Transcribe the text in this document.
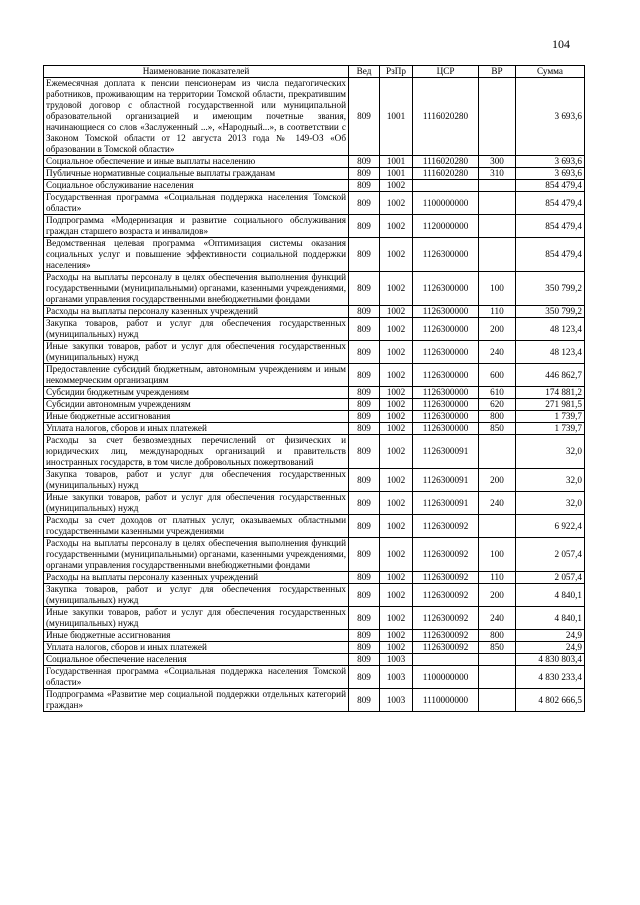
104
Наименование показателей	Вед	РзПр	ЦСР	ВР	Сумма
Ежемесячная доплата к пенсии пенсионерам из числа педагогических работников, проживающим на территории Томской области, прекратившим трудовой договор с областной государственной или муниципальной образовательной организацией и имеющим почетные звания, начинающиеся со слов «Заслуженный ...», «Народный...», в соответствии с Законом Томской области от 12 августа 2013 года № 149-ОЗ «Об образовании в Томской области»	809	1001	1116020280		3 693,6
Социальное обеспечение и иные выплаты населению	809	1001	1116020280	300	3 693,6
Публичные нормативные социальные выплаты гражданам	809	1001	1116020280	310	3 693,6
Социальное обслуживание населения	809	1002			854 479,4
Государственная программа «Социальная поддержка населения Томской области»	809	1002	1100000000		854 479,4
Подпрограмма «Модернизация и развитие социального обслуживания граждан старшего возраста и инвалидов»	809	1002	1120000000		854 479,4
Ведомственная целевая программа «Оптимизация системы оказания социальных услуг и повышение эффективности социальной поддержки населения»	809	1002	1126300000		854 479,4
Расходы на выплаты персоналу в целях обеспечения выполнения функций государственными (муниципальными) органами, казенными учреждениями, органами управления государственными внебюджетными фондами	809	1002	1126300000	100	350 799,2
Расходы на выплаты персоналу казенных учреждений	809	1002	1126300000	110	350 799,2
Закупка товаров, работ и услуг для обеспечения государственных (муниципальных) нужд	809	1002	1126300000	200	48 123,4
Иные закупки товаров, работ и услуг для обеспечения государственных (муниципальных) нужд	809	1002	1126300000	240	48 123,4
Предоставление субсидий бюджетным, автономным учреждениям и иным некоммерческим организациям	809	1002	1126300000	600	446 862,7
Субсидии бюджетным учреждениям	809	1002	1126300000	610	174 881,2
Субсидии автономным учреждениям	809	1002	1126300000	620	271 981,5
Иные бюджетные ассигнования	809	1002	1126300000	800	1 739,7
Уплата налогов, сборов и иных платежей	809	1002	1126300000	850	1 739,7
Расходы за счет безвозмездных перечислений от физических и юридических лиц, международных организаций и правительств иностранных государств, в том числе добровольных пожертвований	809	1002	1126300091		32,0
Закупка товаров, работ и услуг для обеспечения государственных (муниципальных) нужд	809	1002	1126300091	200	32,0
Иные закупки товаров, работ и услуг для обеспечения государственных (муниципальных) нужд	809	1002	1126300091	240	32,0
Расходы за счет доходов от платных услуг, оказываемых областными государственными казенными учреждениями	809	1002	1126300092		6 922,4
Расходы на выплаты персоналу в целях обеспечения выполнения функций государственными (муниципальными) органами, казенными учреждениями, органами управления государственными внебюджетными фондами	809	1002	1126300092	100	2 057,4
Расходы на выплаты персоналу казенных учреждений	809	1002	1126300092	110	2 057,4
Закупка товаров, работ и услуг для обеспечения государственных (муниципальных) нужд	809	1002	1126300092	200	4 840,1
Иные закупки товаров, работ и услуг для обеспечения государственных (муниципальных) нужд	809	1002	1126300092	240	4 840,1
Иные бюджетные ассигнования	809	1002	1126300092	800	24,9
Уплата налогов, сборов и иных платежей	809	1002	1126300092	850	24,9
Социальное обеспечение населения	809	1003			4 830 803,4
Государственная программа «Социальная поддержка населения Томской области»	809	1003	1100000000		4 830 233,4
Подпрограмма «Развитие мер социальной поддержки отдельных категорий граждан»	809	1003	1110000000		4 802 666,5
